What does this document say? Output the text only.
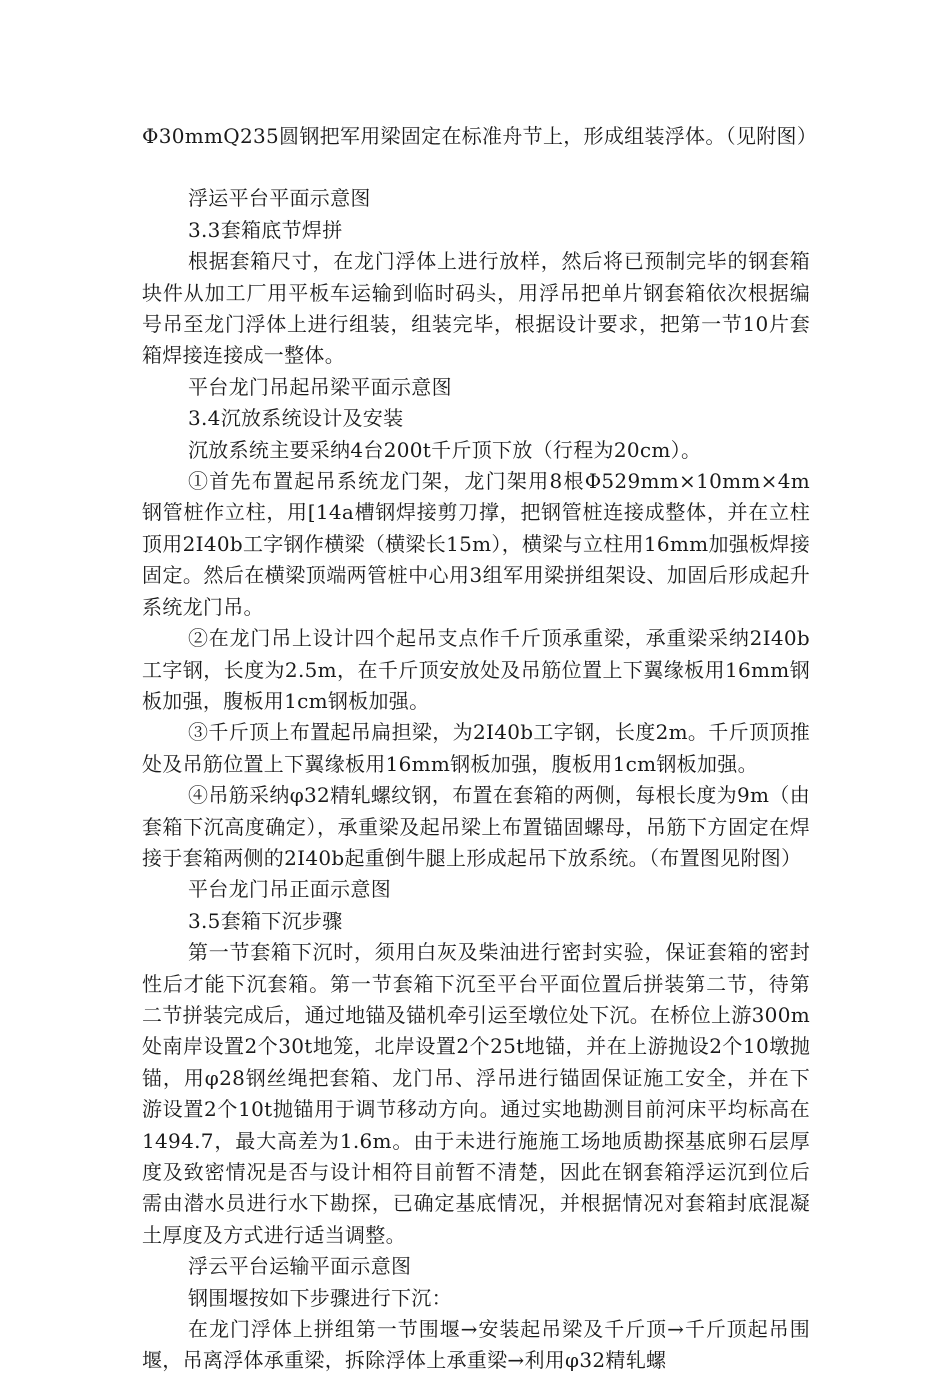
Φ30mmQ235圆钢把军用梁固定在标准舟节上，形成组装浮体。（见附图）

浮运平台平面示意图

3.3套箱底节焊拼

根据套箱尺寸，在龙门浮体上进行放样，然后将已预制完毕的钢套箱块件从加工厂用平板车运输到临时码头，用浮吊把单片钢套箱依次根据编号吊至龙门浮体上进行组装，组装完毕，根据设计要求，把第一节10片套箱焊接连接成一整体。

平台龙门吊起吊梁平面示意图

3.4沉放系统设计及安装

沉放系统主要采纳4台200t千斤顶下放（行程为20cm）。

①首先布置起吊系统龙门架，龙门架用8根Φ529mm×10mm×4m钢管桩作立柱，用[14a槽钢焊接剪刀撑，把钢管桩连接成整体，并在立柱顶用2I40b工字钢作横梁（横梁长15m），横梁与立柱用16mm加强板焊接固定。然后在横梁顶端两管桩中心用3组军用梁拼组架设、加固后形成起升系统龙门吊。

②在龙门吊上设计四个起吊支点作千斤顶承重梁，承重梁采纳2I40b工字钢，长度为2.5m，在千斤顶安放处及吊筋位置上下翼缘板用16mm钢板加强，腹板用1cm钢板加强。

③千斤顶上布置起吊扁担梁，为2I40b工字钢，长度2m。千斤顶顶推处及吊筋位置上下翼缘板用16mm钢板加强，腹板用1cm钢板加强。

④吊筋采纳φ32精轧螺纹钢，布置在套箱的两侧，每根长度为9m（由套箱下沉高度确定），承重梁及起吊梁上布置锚固螺母，吊筋下方固定在焊接于套箱两侧的2I40b起重倒牛腿上形成起吊下放系统。（布置图见附图）

平台龙门吊正面示意图

3.5套箱下沉步骤

第一节套箱下沉时，须用白灰及柴油进行密封实验，保证套箱的密封性后才能下沉套箱。第一节套箱下沉至平台平面位置后拼装第二节，待第二节拼装完成后，通过地锚及锚机牵引运至墩位处下沉。在桥位上游300m处南岸设置2个30t地笼，北岸设置2个25t地锚，并在上游抛设2个10墩抛锚，用φ28钢丝绳把套箱、龙门吊、浮吊进行锚固保证施工安全，并在下游设置2个10t抛锚用于调节移动方向。通过实地勘测目前河床平均标高在1494.7，最大高差为1.6m。由于未进行施施工场地质勘探基底卵石层厚度及致密情况是否与设计相符目前暂不清楚，因此在钢套箱浮运沉到位后需由潜水员进行水下勘探，已确定基底情况，并根据情况对套箱封底混凝土厚度及方式进行适当调整。

浮云平台运输平面示意图

钢围堰按如下步骤进行下沉：

在龙门浮体上拼组第一节围堰→安装起吊梁及千斤顶→千斤顶起吊围堰，吊离浮体承重梁，拆除浮体上承重梁→利用φ32精轧螺
